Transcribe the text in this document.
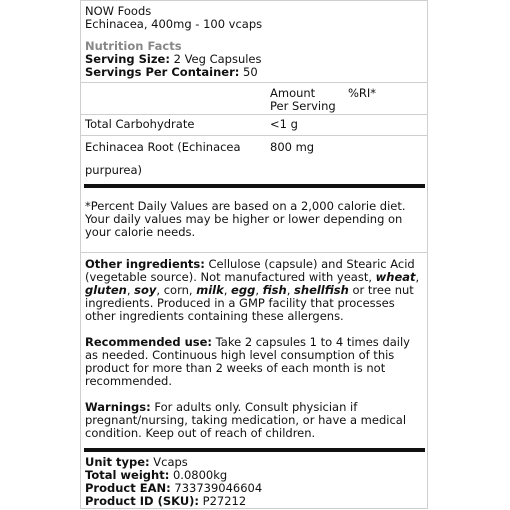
NOW Foods
Echinacea, 400mg - 100 vcaps
Nutrition Facts
Serving Size: 2 Veg Capsules
Servings Per Container: 50
Amount
Per Serving
%RI*
Total Carbohydrate	<1 g
Echinacea Root (Echinacea
purpurea)
800 mg
*Percent Daily Values are based on a 2,000 calorie diet.
Your daily values may be higher or lower depending on
your calorie needs.
Other ingredients: Cellulose (capsule) and Stearic Acid
(vegetable source). Not manufactured with yeast, wheat,
gluten, soy, corn, milk, egg, fish, shellfish or tree nut
ingredients. Produced in a GMP facility that processes
other ingredients containing these allergens.
Recommended use: Take 2 capsules 1 to 4 times daily
as needed. Continuous high level consumption of this
product for more than 2 weeks of each month is not
recommended.
Warnings: For adults only. Consult physician if
pregnant/nursing, taking medication, or have a medical
condition. Keep out of reach of children.
Unit type: Vcaps
Total weight: 0.0800kg
Product EAN: 733739046604
Product ID (SKU): P27212
